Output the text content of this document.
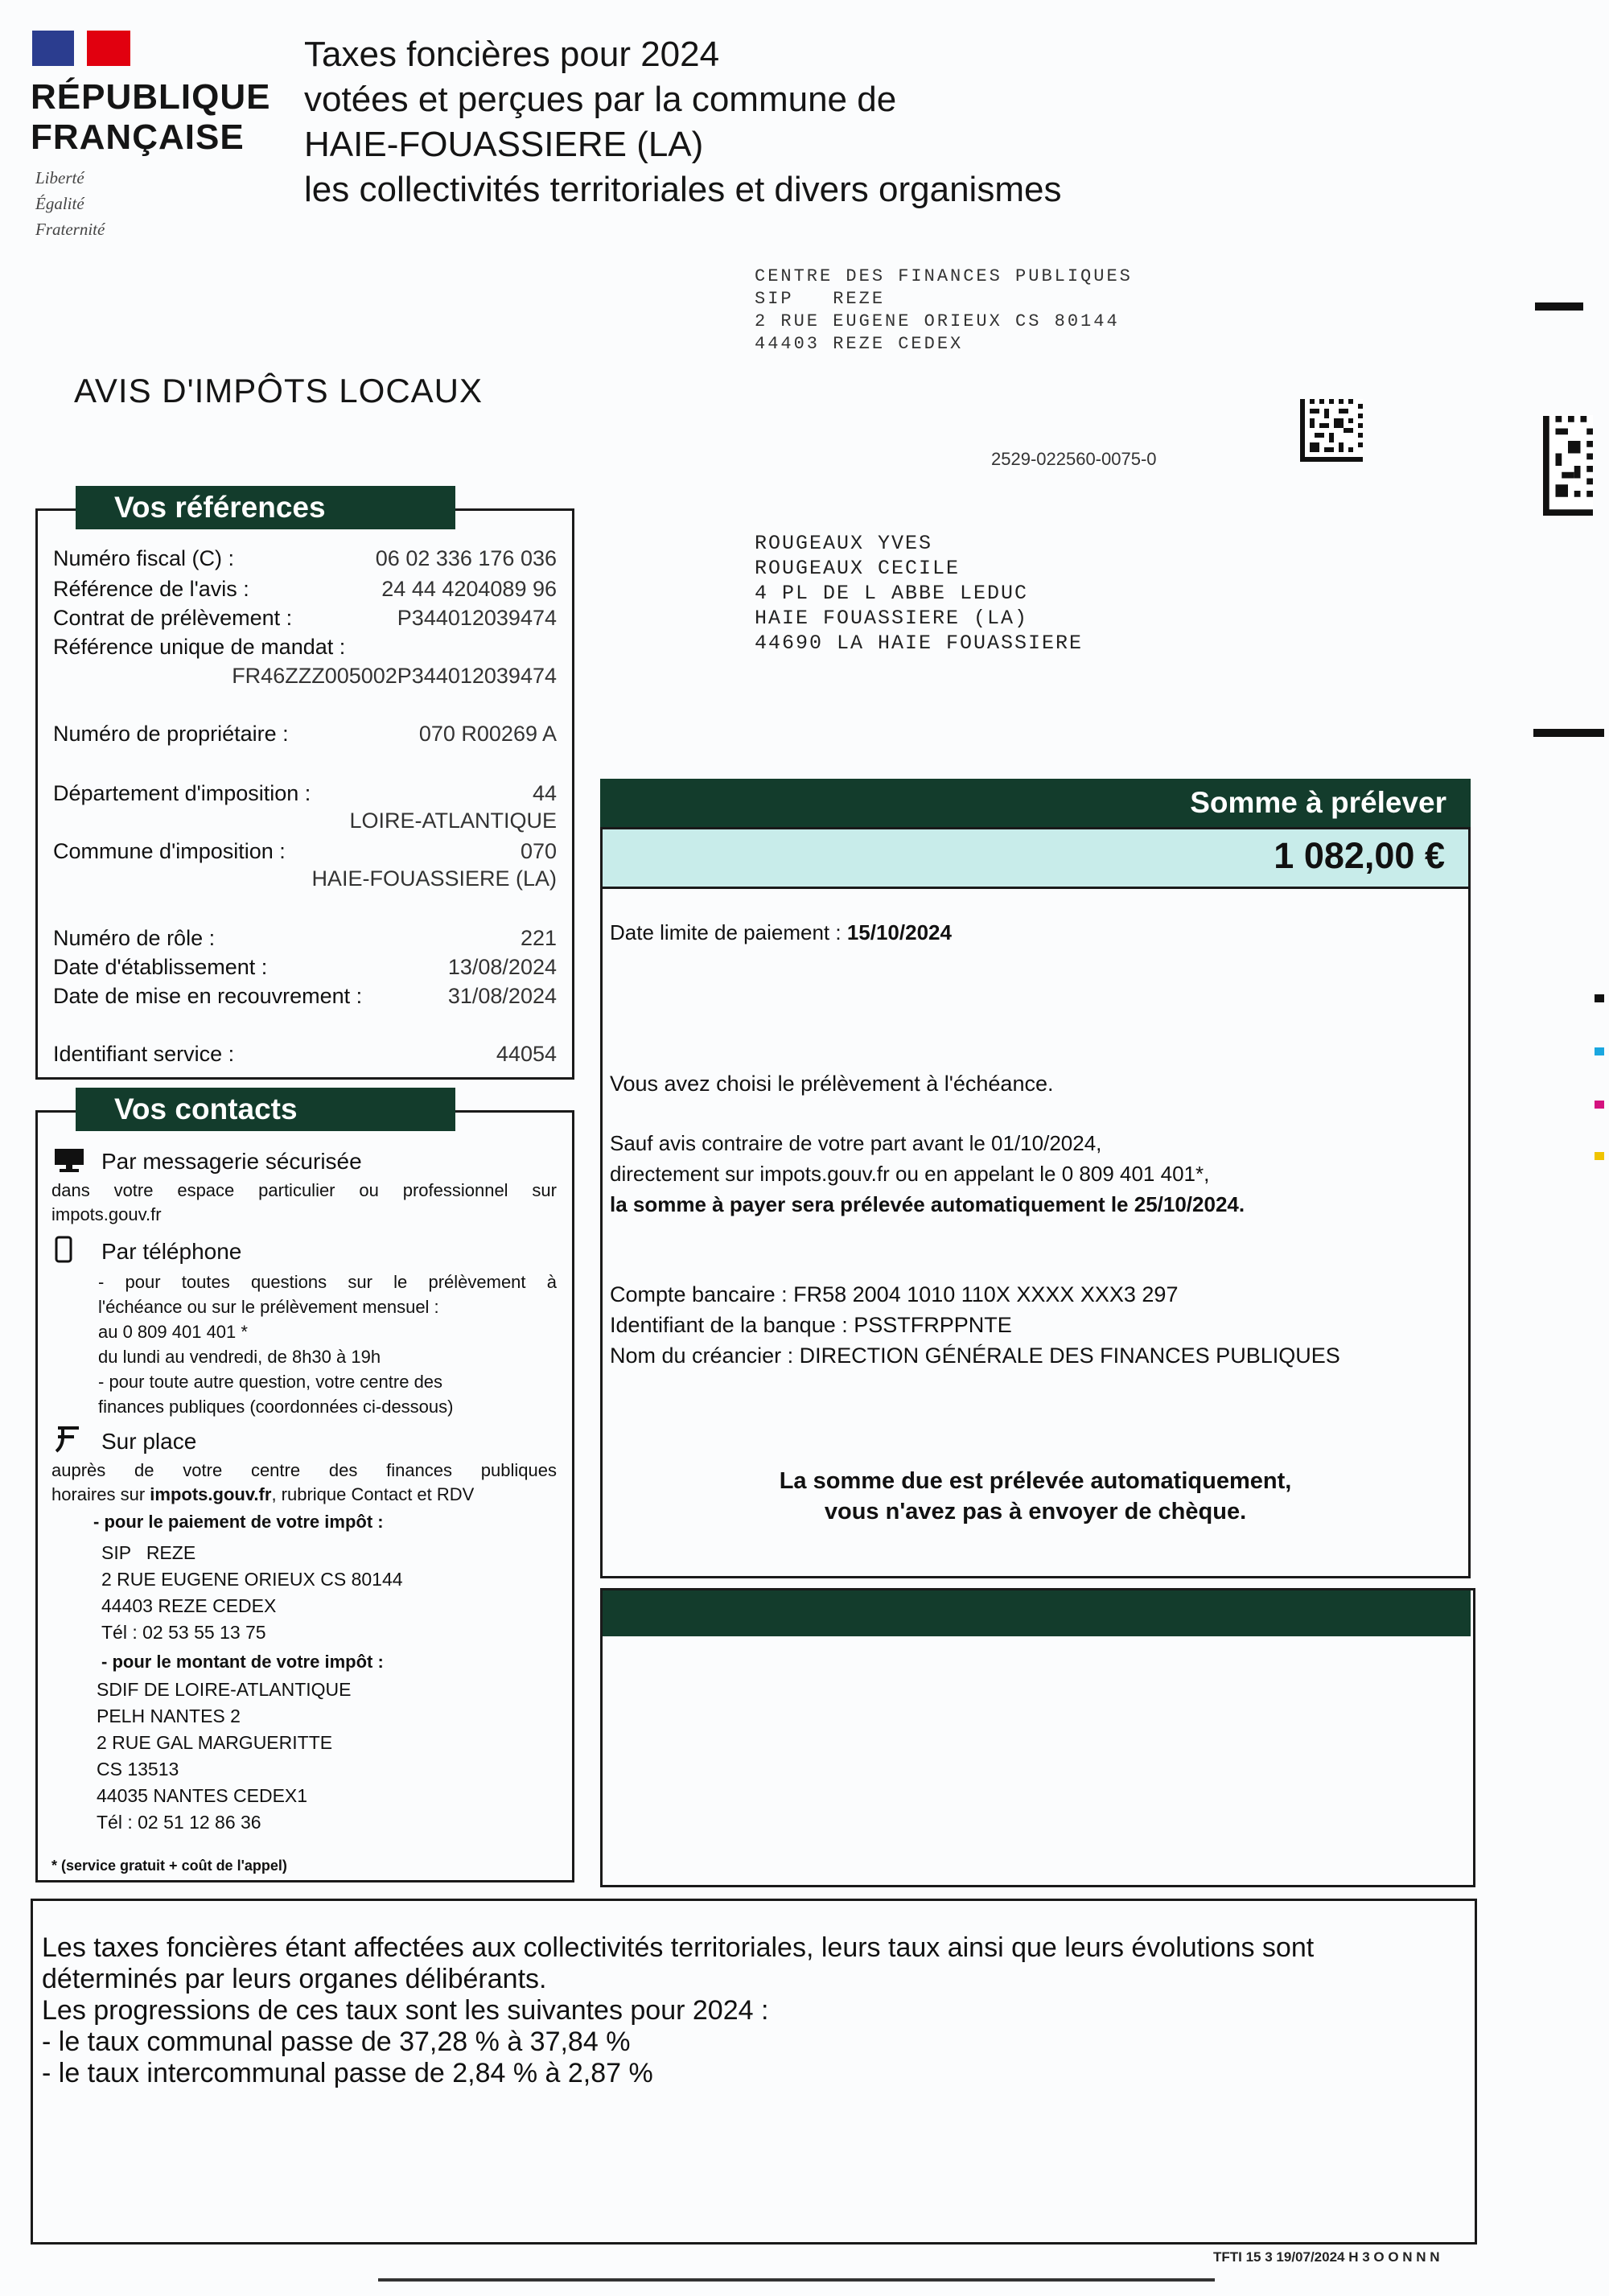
RÉPUBLIQUE
FRANÇAISE
Liberté
Égalité
Fraternité
Taxes foncières pour 2024
votées et perçues par la commune de
HAIE-FOUASSIERE (LA)
les collectivités territoriales et divers organismes
CENTRE DES FINANCES PUBLIQUES
SIP   REZE
2 RUE EUGENE ORIEUX CS 80144
44403 REZE CEDEX
AVIS D'IMPÔTS LOCAUX
2529-022560-0075-0
ROUGEAUX YVES
ROUGEAUX CECILE
4 PL DE L ABBE LEDUC
HAIE FOUASSIERE (LA)
44690 LA HAIE FOUASSIERE
Vos références
Numéro fiscal (C) :	06 02 336 176 036
Référence de l'avis :	24 44 4204089 96
Contrat de prélèvement :	P344012039474
Référence unique de mandat :
FR46ZZZ005002P344012039474
Numéro de propriétaire :	070 R00269 A
Département d'imposition :	44
LOIRE-ATLANTIQUE
Commune d'imposition :	070
HAIE-FOUASSIERE (LA)
Numéro de rôle :	221
Date d'établissement :	13/08/2024
Date de mise en recouvrement :	31/08/2024
Identifiant service :	44054
Vos contacts
Par messagerie sécurisée
dans votre espace particulier ou professionnel sur
impots.gouv.fr
Par téléphone
- pour toutes questions sur le prélèvement à
l'échéance ou sur le prélèvement mensuel :
au 0 809 401 401 *
du lundi au vendredi, de 8h30 à 19h
- pour toute autre question, votre centre des
finances publiques (coordonnées ci-dessous)
Sur place
auprès de votre centre des finances publiques
horaires sur impots.gouv.fr, rubrique Contact et RDV
- pour le paiement de votre impôt :
SIP   REZE
2 RUE EUGENE ORIEUX CS 80144
44403 REZE CEDEX
Tél : 02 53 55 13 75
- pour le montant de votre impôt :
SDIF DE LOIRE-ATLANTIQUE
PELH NANTES 2
2 RUE GAL MARGUERITTE
CS 13513
44035 NANTES CEDEX1
Tél : 02 51 12 86 36
* (service gratuit + coût de l'appel)
Somme à prélever
1 082,00 €
Date limite de paiement : 15/10/2024
Vous avez choisi le prélèvement à l'échéance.
Sauf avis contraire de votre part avant le 01/10/2024,
directement sur impots.gouv.fr ou en appelant le 0 809 401 401*,
la somme à payer sera prélevée automatiquement le 25/10/2024.
Compte bancaire : FR58 2004 1010 110X XXXX XXX3 297
Identifiant de la banque : PSSTFRPPNTE
Nom du créancier : DIRECTION GÉNÉRALE DES FINANCES PUBLIQUES
La somme due est prélevée automatiquement,
vous n'avez pas à envoyer de chèque.
Les taxes foncières étant affectées aux collectivités territoriales, leurs taux ainsi que leurs évolutions sont
déterminés par leurs organes délibérants.
Les progressions de ces taux sont les suivantes pour 2024 :
- le taux communal passe de 37,28 % à 37,84 %
- le taux intercommunal passe de 2,84 % à 2,87 %
TFTI 15 3 19/07/2024 H 3 O O N N N
